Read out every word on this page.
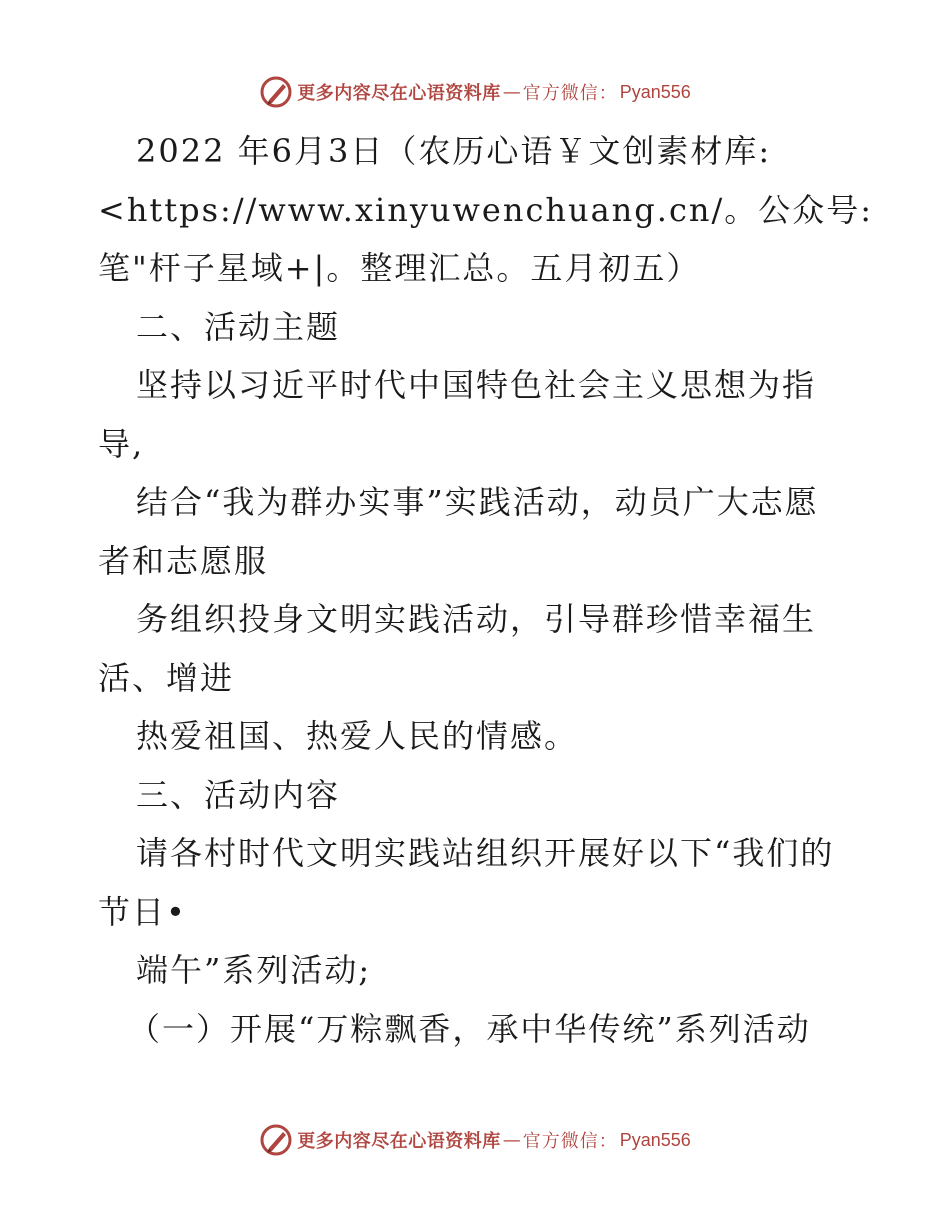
更多内容尽在心语资料库 — 官方微信： Pyan556
2022 年6月3日（农历心语￥文创素材库:
<https://www.xinyuwenchuang.cn/。公众号:
笔"杆子星域+|。整理汇总。五月初五）
二、活动主题
坚持以习近平时代中国特色社会主义思想为指
导,
结合“我为群办实事”实践活动，动员广大志愿
者和志愿服
务组织投身文明实践活动，引导群珍惜幸福生
活、增进
热爱祖国、热爱人民的情感。
三、活动内容
请各村时代文明实践站组织开展好以下“我们的
节日•
端午”系列活动;
（一）开展“万粽飘香，承中华传统”系列活动
更多内容尽在心语资料库 — 官方微信： Pyan556
